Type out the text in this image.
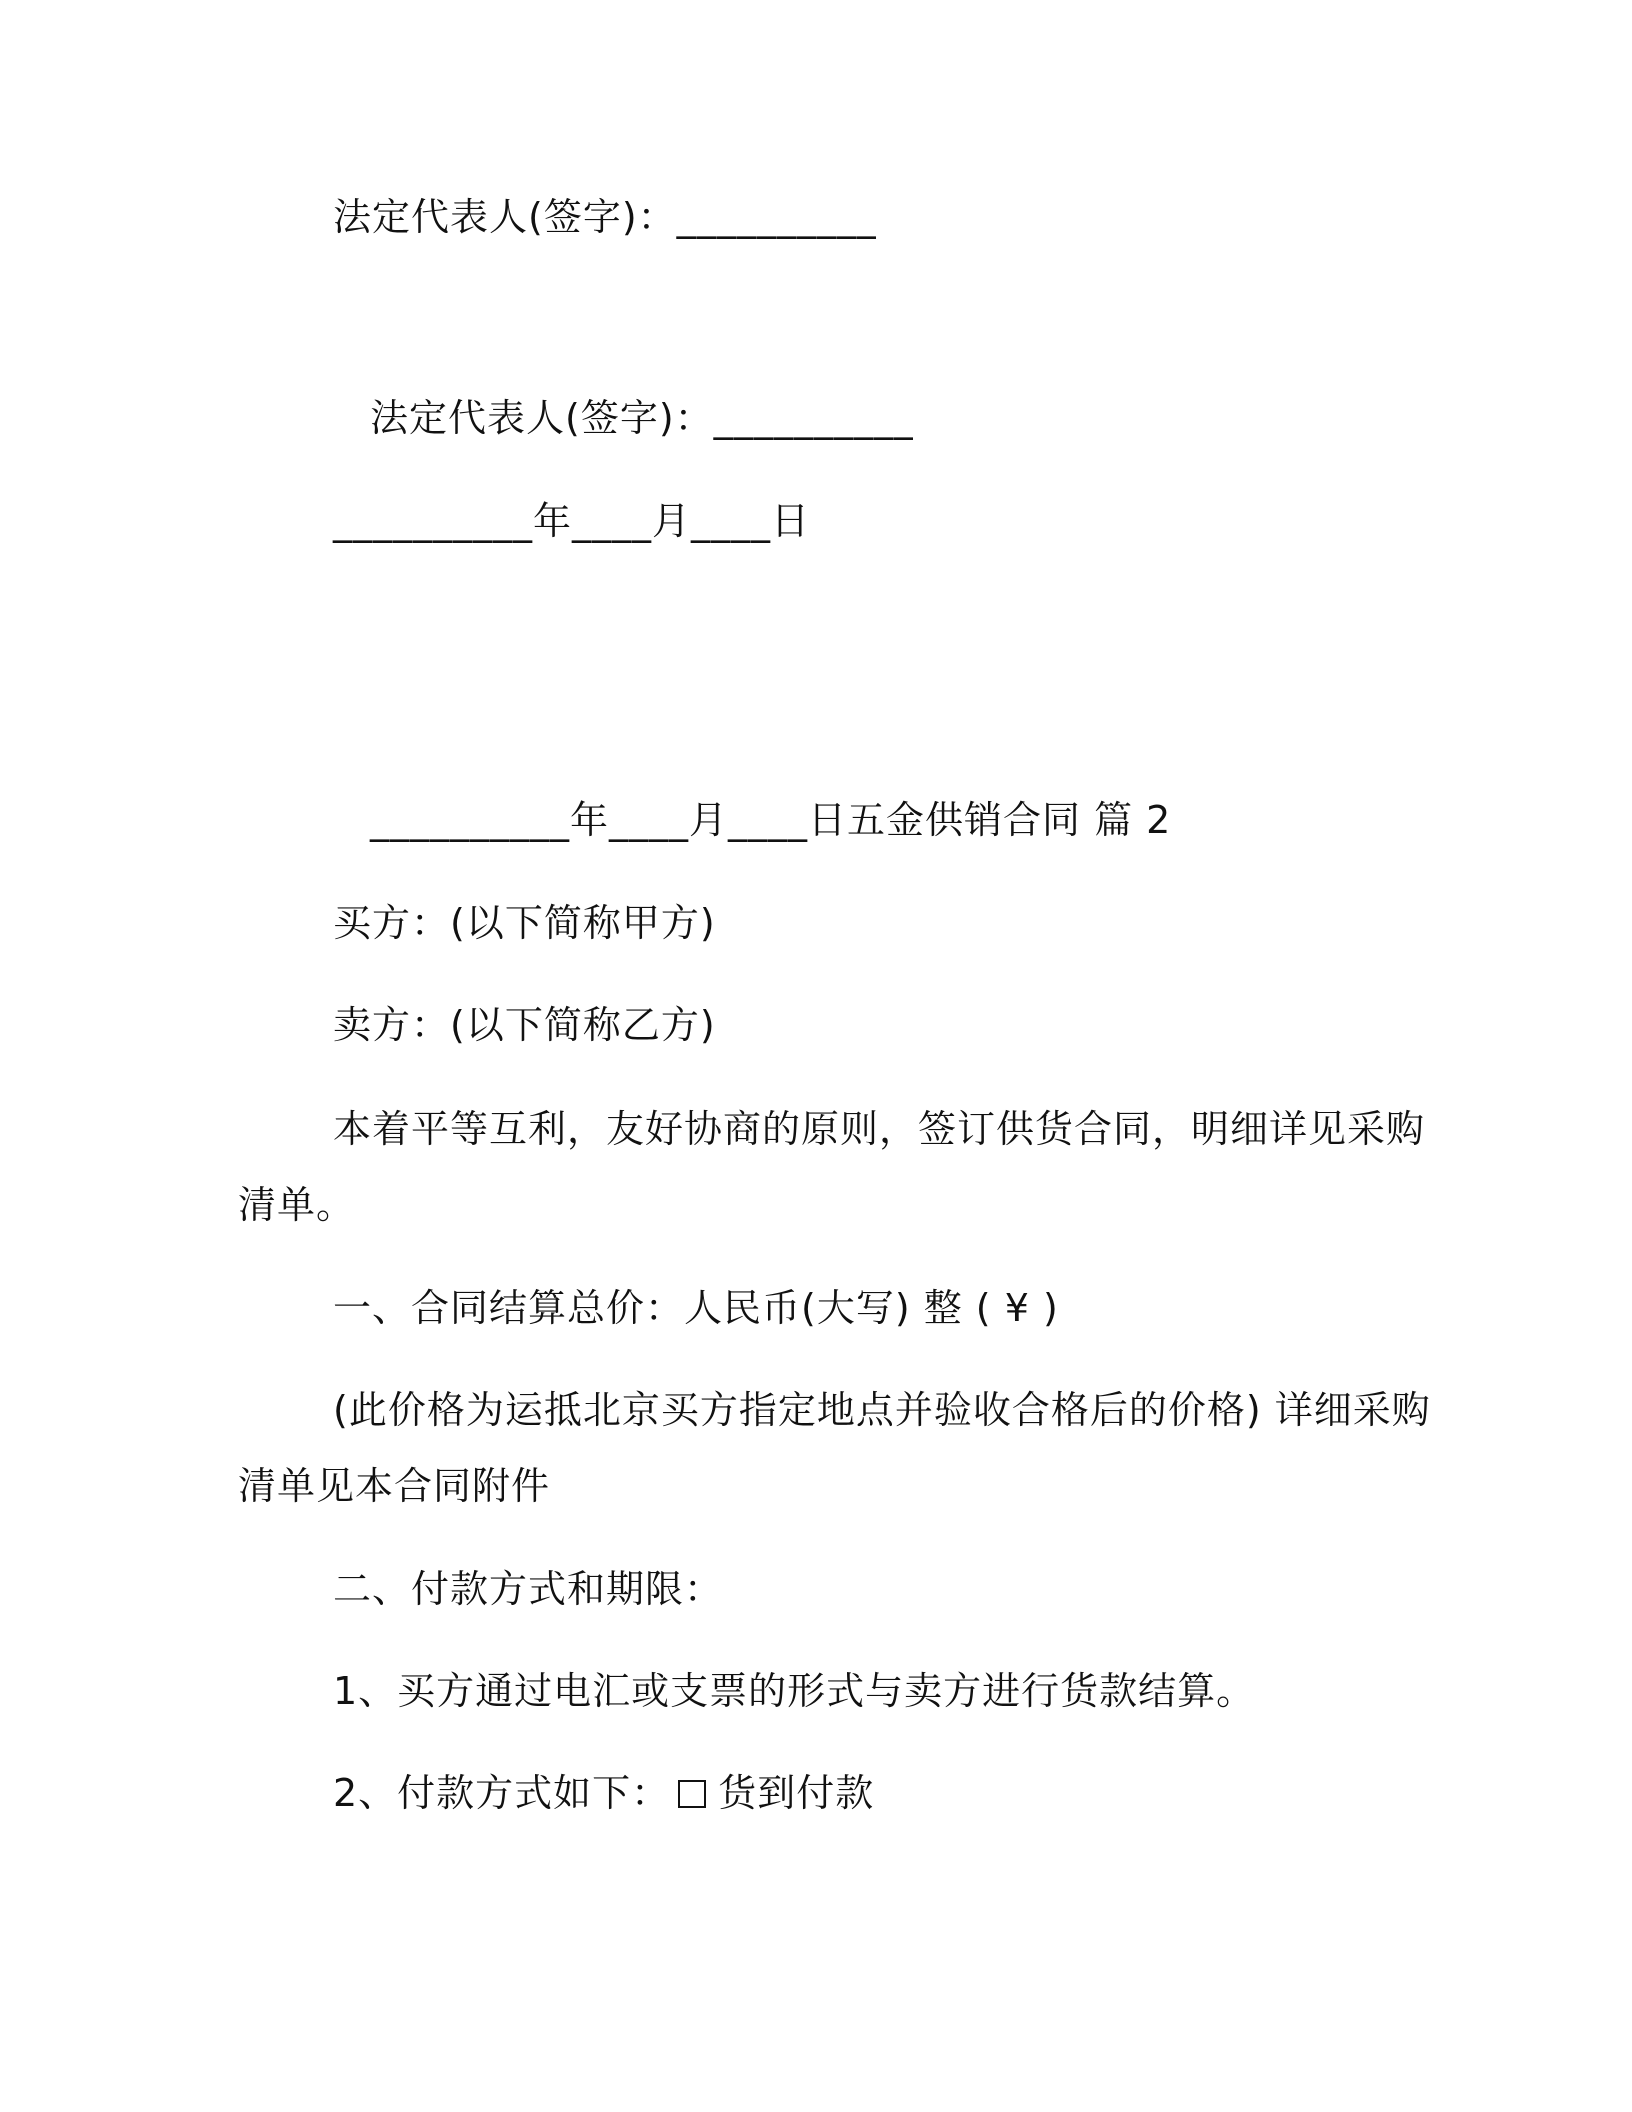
法定代表人(签字)：__________
法定代表人(签字)：__________
__________年____月____日
__________年____月____日五金供销合同 篇 2
买方：(以下简称甲方)
卖方：(以下简称乙方)
本着平等互利，友好协商的原则，签订供货合同，明细详见采购
清单。
一、合同结算总价：人民币(大写) 整 ( ¥ )
(此价格为运抵北京买方指定地点并验收合格后的价格) 详细采购
清单见本合同附件
二、付款方式和期限：
1、买方通过电汇或支票的形式与卖方进行货款结算。
2、付款方式如下： 货到付款
